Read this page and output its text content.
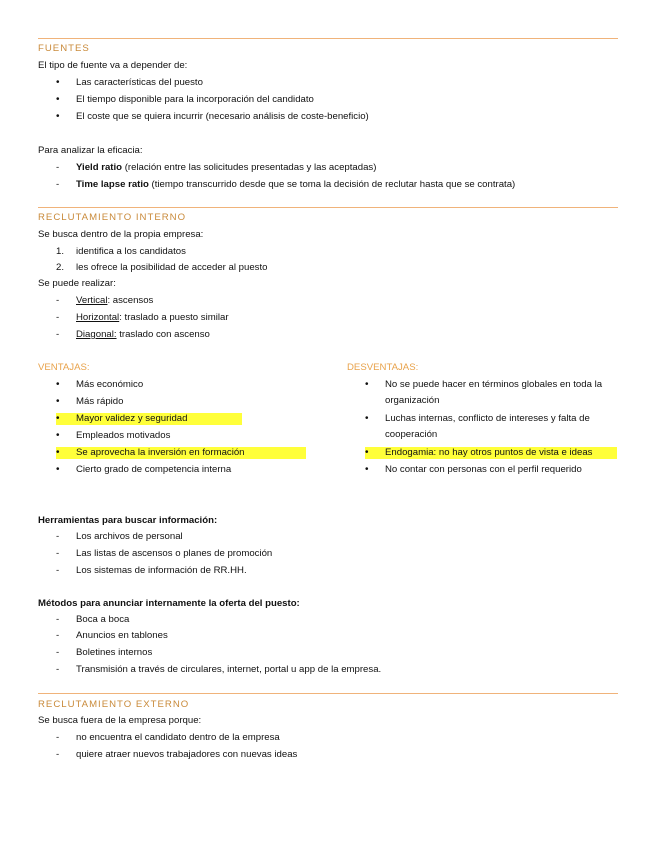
FUENTES
El tipo de fuente va a depender de:
•	Las características del puesto
•	El tiempo disponible para la incorporación del candidato
•	El coste que se quiera incurrir (necesario análisis de coste-beneficio)
Para analizar la eficacia:
-	Yield ratio (relación entre las solicitudes presentadas y las aceptadas)
-	Time lapse ratio (tiempo transcurrido desde que se toma la decisión de reclutar hasta que se contrata)
RECLUTAMIENTO INTERNO
Se busca dentro de la propia empresa:
1.	identifica a los candidatos
2.	les ofrece la posibilidad de acceder al puesto
Se puede realizar:
-	Vertical: ascensos
-	Horizontal: traslado a puesto similar
-	Diagonal: traslado con ascenso
VENTAJAS:
•	Más económico
•	Más rápido
•	Mayor validez y seguridad
•	Empleados motivados
•	Se aprovecha la inversión en formación
•	Cierto grado de competencia interna
DESVENTAJAS:
•	No se puede hacer en términos globales en toda la organización
•	Luchas internas, conflicto de intereses y falta de cooperación
•	Endogamia: no hay otros puntos de vista e ideas
•	No contar con personas con el perfil requerido
Herramientas para buscar información:
-	Los archivos de personal
-	Las listas de ascensos o planes de promoción
-	Los sistemas de información de RR.HH.
Métodos para anunciar internamente la oferta del puesto:
-	Boca a boca
-	Anuncios en tablones
-	Boletines internos
-	Transmisión a través de circulares, internet, portal u app de la empresa.
RECLUTAMIENTO EXTERNO
Se busca fuera de la empresa porque:
-	no encuentra el candidato dentro de la empresa
-	quiere atraer nuevos trabajadores con nuevas ideas
